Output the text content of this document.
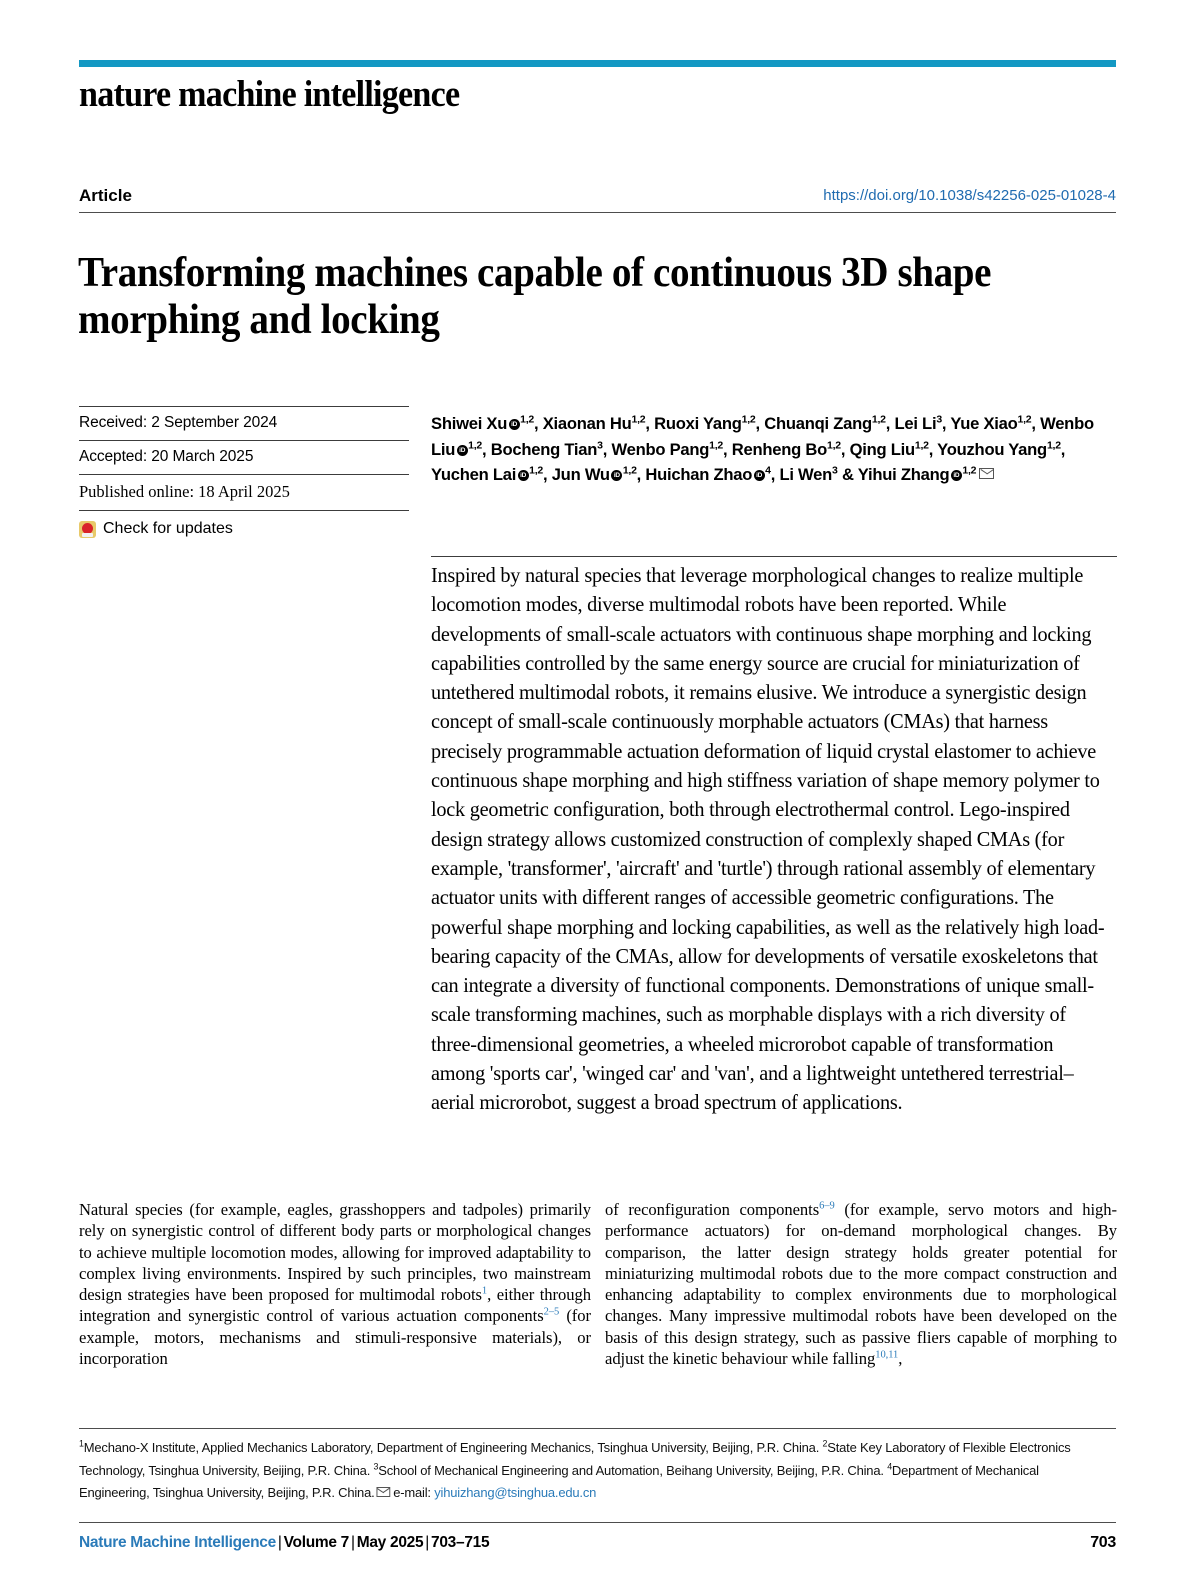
nature machine intelligence
Article	https://doi.org/10.1038/s42256-025-01028-4
Transforming machines capable of continuous 3D shape morphing and locking
Received: 2 September 2024
Accepted: 20 March 2025
Published online: 18 April 2025
Check for updates
Shiwei Xu iD $^{1,2}$, Xiaonan Hu$^{1,2}$, Ruoxi Yang$^{1,2}$, Chuanqi Zang$^{1,2}$, Lei Li$^3$, Yue Xiao$^{1,2}$, Wenbo Liu iD $^{1,2}$, Bocheng Tian$^3$, Wenbo Pang$^{1,2}$, Renheng Bo$^{1,2}$, Qing Liu$^{1,2}$, Youzhou Yang$^{1,2}$, Yuchen Lai iD $^{1,2}$, Jun Wu iD $^{1,2}$, Huichan Zhao iD $^4$, Li Wen$^3$ & Yihui Zhang iD $^{1,2}$
Inspired by natural species that leverage morphological changes to realize multiple locomotion modes, diverse multimodal robots have been reported. While developments of small-scale actuators with continuous shape morphing and locking capabilities controlled by the same energy source are crucial for miniaturization of untethered multimodal robots, it remains elusive. We introduce a synergistic design concept of small-scale continuously morphable actuators (CMAs) that harness precisely programmable actuation deformation of liquid crystal elastomer to achieve continuous shape morphing and high stiffness variation of shape memory polymer to lock geometric configuration, both through electrothermal control. Lego-inspired design strategy allows customized construction of complexly shaped CMAs (for example, 'transformer', 'aircraft' and 'turtle') through rational assembly of elementary actuator units with different ranges of accessible geometric configurations. The powerful shape morphing and locking capabilities, as well as the relatively high load-bearing capacity of the CMAs, allow for developments of versatile exoskeletons that can integrate a diversity of functional components. Demonstrations of unique small-scale transforming machines, such as morphable displays with a rich diversity of three-dimensional geometries, a wheeled microrobot capable of transformation among 'sports car', 'winged car' and 'van', and a lightweight untethered terrestrial–aerial microrobot, suggest a broad spectrum of applications.
Natural species (for example, eagles, grasshoppers and tadpoles) primarily rely on synergistic control of different body parts or morphological changes to achieve multiple locomotion modes, allowing for improved adaptability to complex living environments. Inspired by such principles, two mainstream design strategies have been proposed for multimodal robots$^1$, either through integration and synergistic control of various actuation components$^{2-5}$ (for example, motors, mechanisms and stimuli-responsive materials), or incorporation
of reconfiguration components$^{6-9}$ (for example, servo motors and high-performance actuators) for on-demand morphological changes. By comparison, the latter design strategy holds greater potential for miniaturizing multimodal robots due to the more compact construction and enhancing adaptability to complex environments due to morphological changes. Many impressive multimodal robots have been developed on the basis of this design strategy, such as passive fliers capable of morphing to adjust the kinetic behaviour while falling$^{10,11}$,
$^1$Mechano-X Institute, Applied Mechanics Laboratory, Department of Engineering Mechanics, Tsinghua University, Beijing, P.R. China. $^2$State Key Laboratory of Flexible Electronics Technology, Tsinghua University, Beijing, P.R. China. $^3$School of Mechanical Engineering and Automation, Beihang University, Beijing, P.R. China. $^4$Department of Mechanical Engineering, Tsinghua University, Beijing, P.R. China. e-mail: yihuizhang@tsinghua.edu.cn
Nature Machine Intelligence | Volume 7 | May 2025 | 703–715	703
